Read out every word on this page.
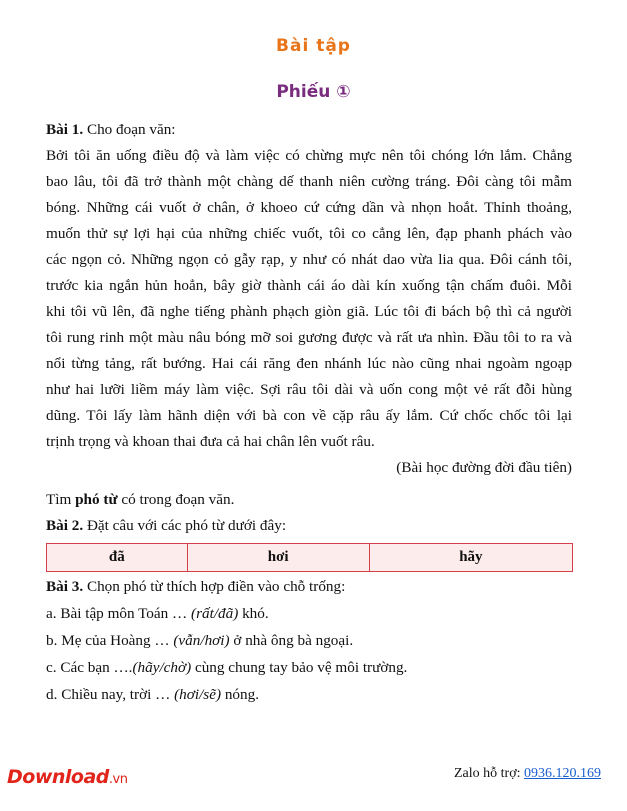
Bài tập
Phiếu ①
Bài 1. Cho đoạn văn:
Bởi tôi ăn uống điều độ và làm việc có chừng mực nên tôi chóng lớn lắm. Chẳng
bao lâu, tôi đã trở thành một chàng dế thanh niên cường tráng. Đôi càng tôi mẫm
bóng. Những cái vuốt ở chân, ở khoeo cứ cứng dần và nhọn hoắt. Thỉnh thoảng,
muốn thử sự lợi hại của những chiếc vuốt, tôi co cẳng lên, đạp phanh phách vào
các ngọn cỏ. Những ngọn cỏ gẫy rạp, y như có nhát dao vừa lia qua. Đôi cánh tôi,
trước kia ngắn hủn hoẳn, bây giờ thành cái áo dài kín xuống tận chấm đuôi. Mỗi
khi tôi vũ lên, đã nghe tiếng phành phạch giòn giã. Lúc tôi đi bách bộ thì cả người
tôi rung rinh một màu nâu bóng mỡ soi gương được và rất ưa nhìn. Đầu tôi to ra và
nổi từng tảng, rất bướng. Hai cái răng đen nhánh lúc nào cũng nhai ngoàm ngoạp
như hai lưỡi liềm máy làm việc. Sợi râu tôi dài và uốn cong một vẻ rất đỗi hùng
dũng. Tôi lấy làm hãnh diện với bà con về cặp râu ấy lắm. Cứ chốc chốc tôi lại
trịnh trọng và khoan thai đưa cả hai chân lên vuốt râu.
(Bài học đường đời đầu tiên)
Tìm phó từ có trong đoạn văn.
Bài 2. Đặt câu với các phó từ dưới đây:
đã	hơi	hãy
Bài 3. Chọn phó từ thích hợp điền vào chỗ trống:
a. Bài tập môn Toán … (rất/đã) khó.
b. Mẹ của Hoàng … (vẫn/hơi) ở nhà ông bà ngoại.
c. Các bạn ….(hãy/chờ) cùng chung tay bảo vệ môi trường.
d. Chiều nay, trời … (hơi/sẽ) nóng.
Download.vn	Zalo hỗ trợ: 0936.120.169
